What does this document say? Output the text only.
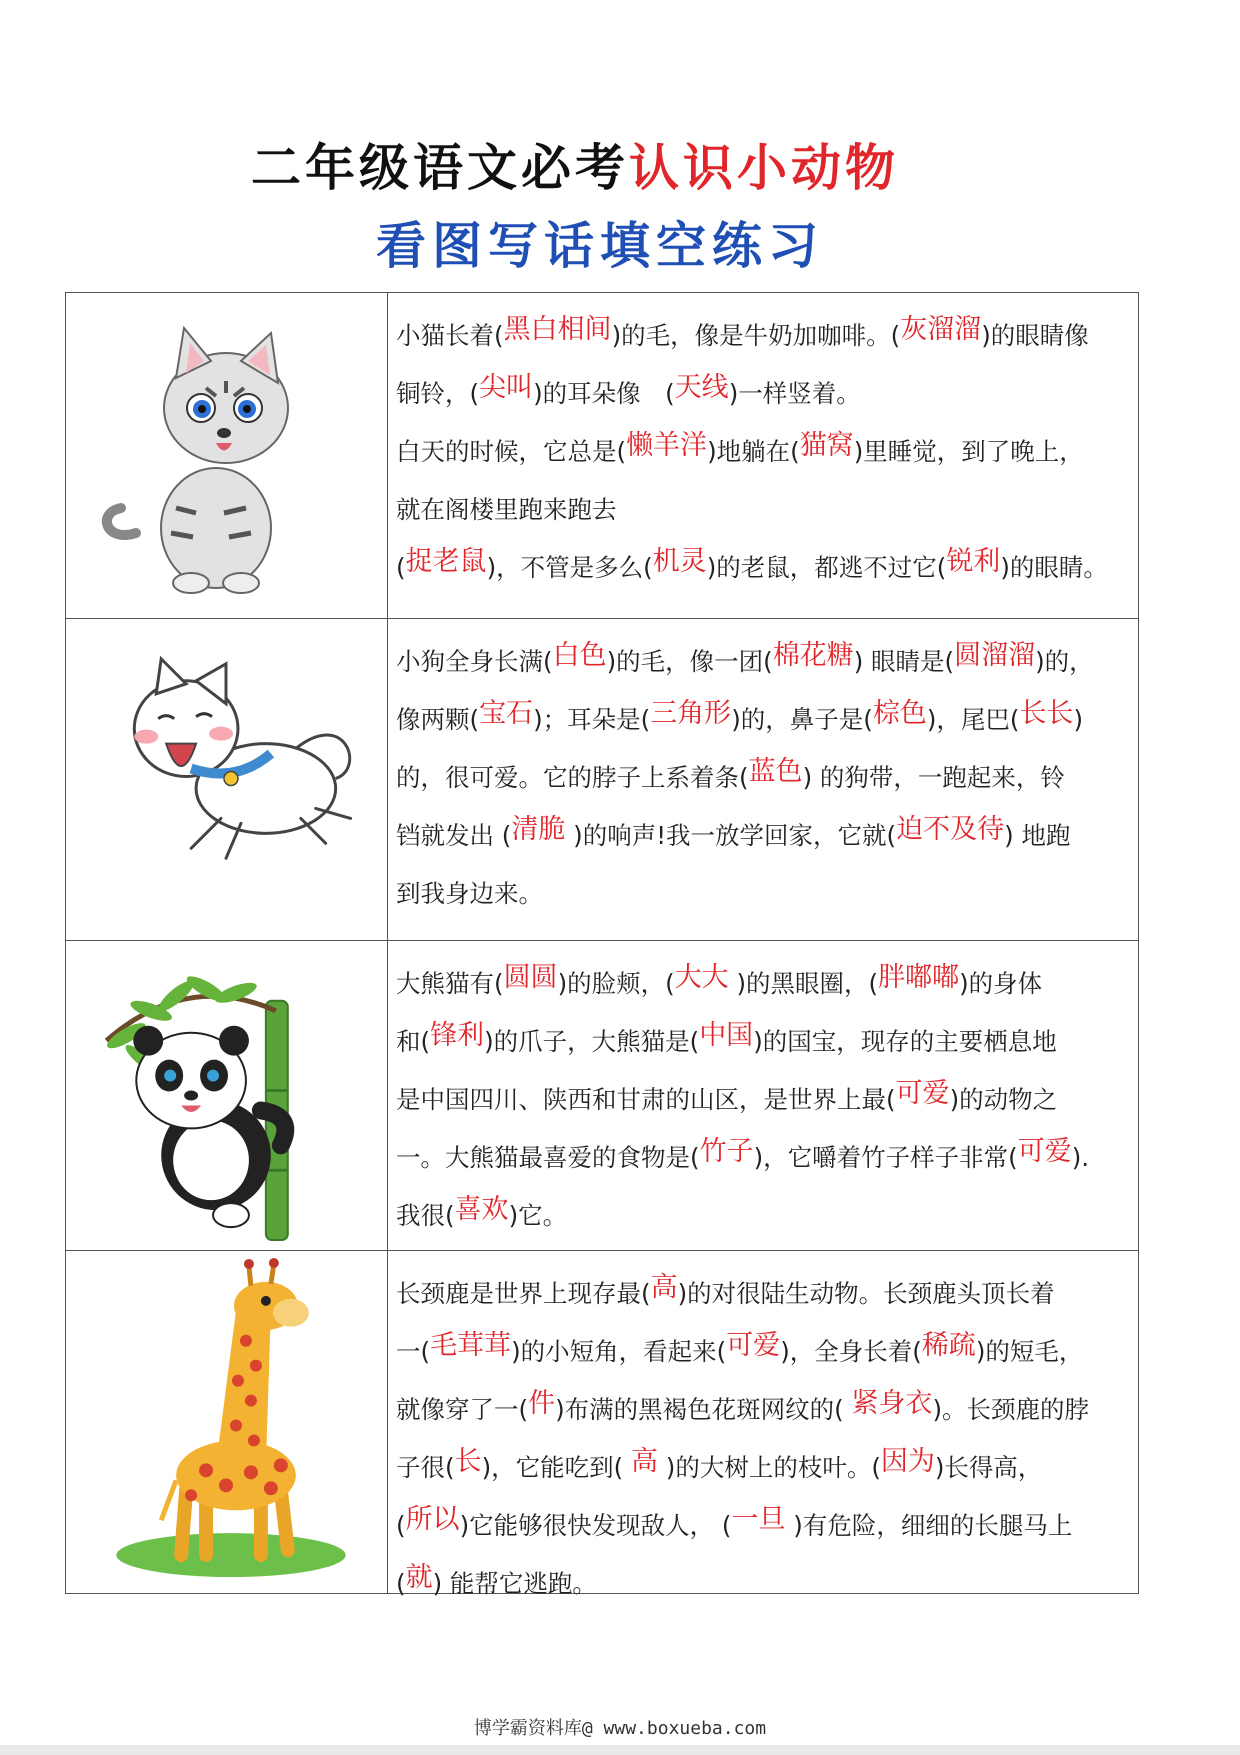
二年级语文必考认识小动物
看图写话填空练习
小猫长着(黑白相间)的毛，像是牛奶加咖啡。(灰溜溜)的眼睛像
铜铃，(尖叫)的耳朵像　(天线)一样竖着。
白天的时候，它总是(懒羊洋)地躺在(猫窝)里睡觉，到了晚上，
就在阁楼里跑来跑去
(捉老鼠)，不管是多么(机灵)的老鼠，都逃不过它(锐利)的眼睛。
小狗全身长满(白色)的毛，像一团(棉花糖) 眼睛是(圆溜溜)的，
像两颗(宝石)；耳朵是(三角形)的，鼻子是(棕色)，尾巴(长长)
的，很可爱。它的脖子上系着条(蓝色) 的狗带，一跑起来，铃
铛就发出 (清脆 )的响声!我一放学回家，它就(迫不及待) 地跑
到我身边来。
大熊猫有(圆圆)的脸颊，(大大 )的黑眼圈，(胖嘟嘟)的身体
和(锋利)的爪子，大熊猫是(中国)的国宝，现存的主要栖息地
是中国四川、陕西和甘肃的山区，是世界上最(可爱)的动物之
一。大熊猫最喜爱的食物是(竹子)，它嚼着竹子样子非常(可爱).
我很(喜欢)它。
长颈鹿是世界上现存最(高)的对很陆生动物。长颈鹿头顶长着
一(毛茸茸)的小短角，看起来(可爱)，全身长着(稀疏)的短毛，
就像穿了一(件)布满的黑褐色花斑网纹的( 紧身衣)。长颈鹿的脖
子很(长)，它能吃到( 高 )的大树上的枝叶。(因为)长得高，
(所以)它能够很快发现敌人， (一旦 )有危险，细细的长腿马上
(就) 能帮它逃跑。
博学霸资料库@ www.boxueba.com
